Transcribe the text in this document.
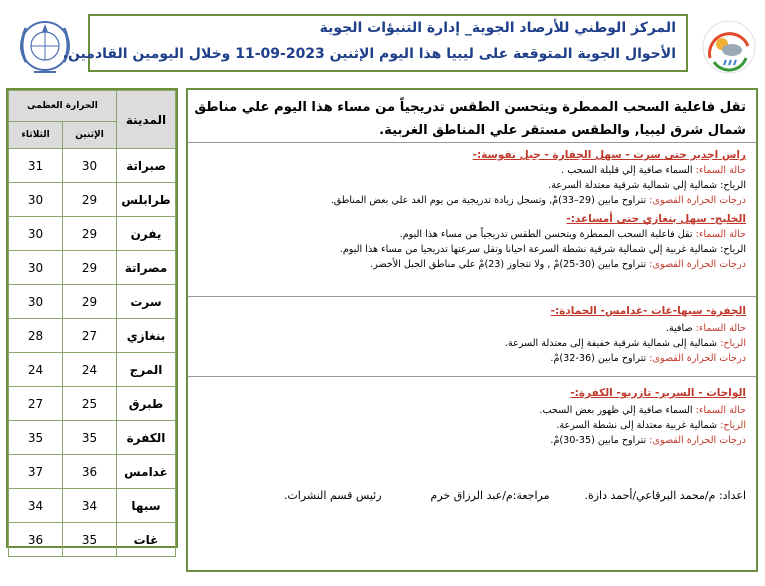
المركز الوطني للأرصاد الجوية_ إدارة التنبؤات الجوية
الأحوال الجوية المتوقعة على ليبيا هذا اليوم الإثنين 2023-09-11 وخلال اليومين القادمين.
الحرارة العظمى		المدينة
الثلاثاء	الإثنين	
31	30	صبراتة
30	29	طرابلس
30	29	يفرن
30	29	مصراتة
30	29	سرت
28	27	بنغازي
24	24	المرج
27	25	طبرق
35	35	الكفرة
37	36	غدامس
34	34	سبها
36	35	غات
تقل فاعلية السحب الممطرة ويتحسن الطقس تدريجياً من مساء هذا اليوم علي مناطق شمال شرق ليبيا, والطقس مستقر علي المناطق الغربية.
راس اجدير حتى سرت - سهل الجفارة - جبل نفوسة:-
حالة السماء: السماء صافية إلي قليلة السحب .
الرياح: شمالية إلي شمالية شرقية معتدلة السرعة.
درجات الحرارة القصوى: تتراوح مابين (29–33)مْ, وتسجل زيادة تدريجية من يوم الغد علي بعض المناطق.
الخليج- سهل بنغازي حتى أمساعد:-
حالة السماء: تقل فاعلية السحب الممطرة ويتحسن الطقس تدريجياً من مساء هذا اليوم.
الرياح: شمالية غربية إلي شمالية شرقية نشطة السرعة احيانا وتقل سرعتها تدريجيا من مساء هذا اليوم.
درجات الحرارة القصوى: تتراوح مابين (30-25)مْ , ولا تتجاوز (23)مْ علي مناطق الجبل الأخضر.
الجفرة- سبها-غات -غدامس- الحمادة:-
حالة السماء: صافية.
الرياح: شمالية إلى شمالية شرقية خفيفة إلى معتدلة السرعة.
درجات الحرارة القصوى: تتراوح مابين (36-32)مْ.
الواحات - السرير- تازربو- الكفرة:-
حالة السماء: السماء صافية إلي ظهور بعض السحب.
الرياح: شمالية غربية معتدلة إلى نشطة السرعة.
درجات الحرارة القصوى: تتراوح مابين (35-30)مْ.
اعداد: م/محمد البرقاعي/أحمد دازة.          مراجعة:م/عبد الرزاق خرم              رئيس قسم النشرات.
